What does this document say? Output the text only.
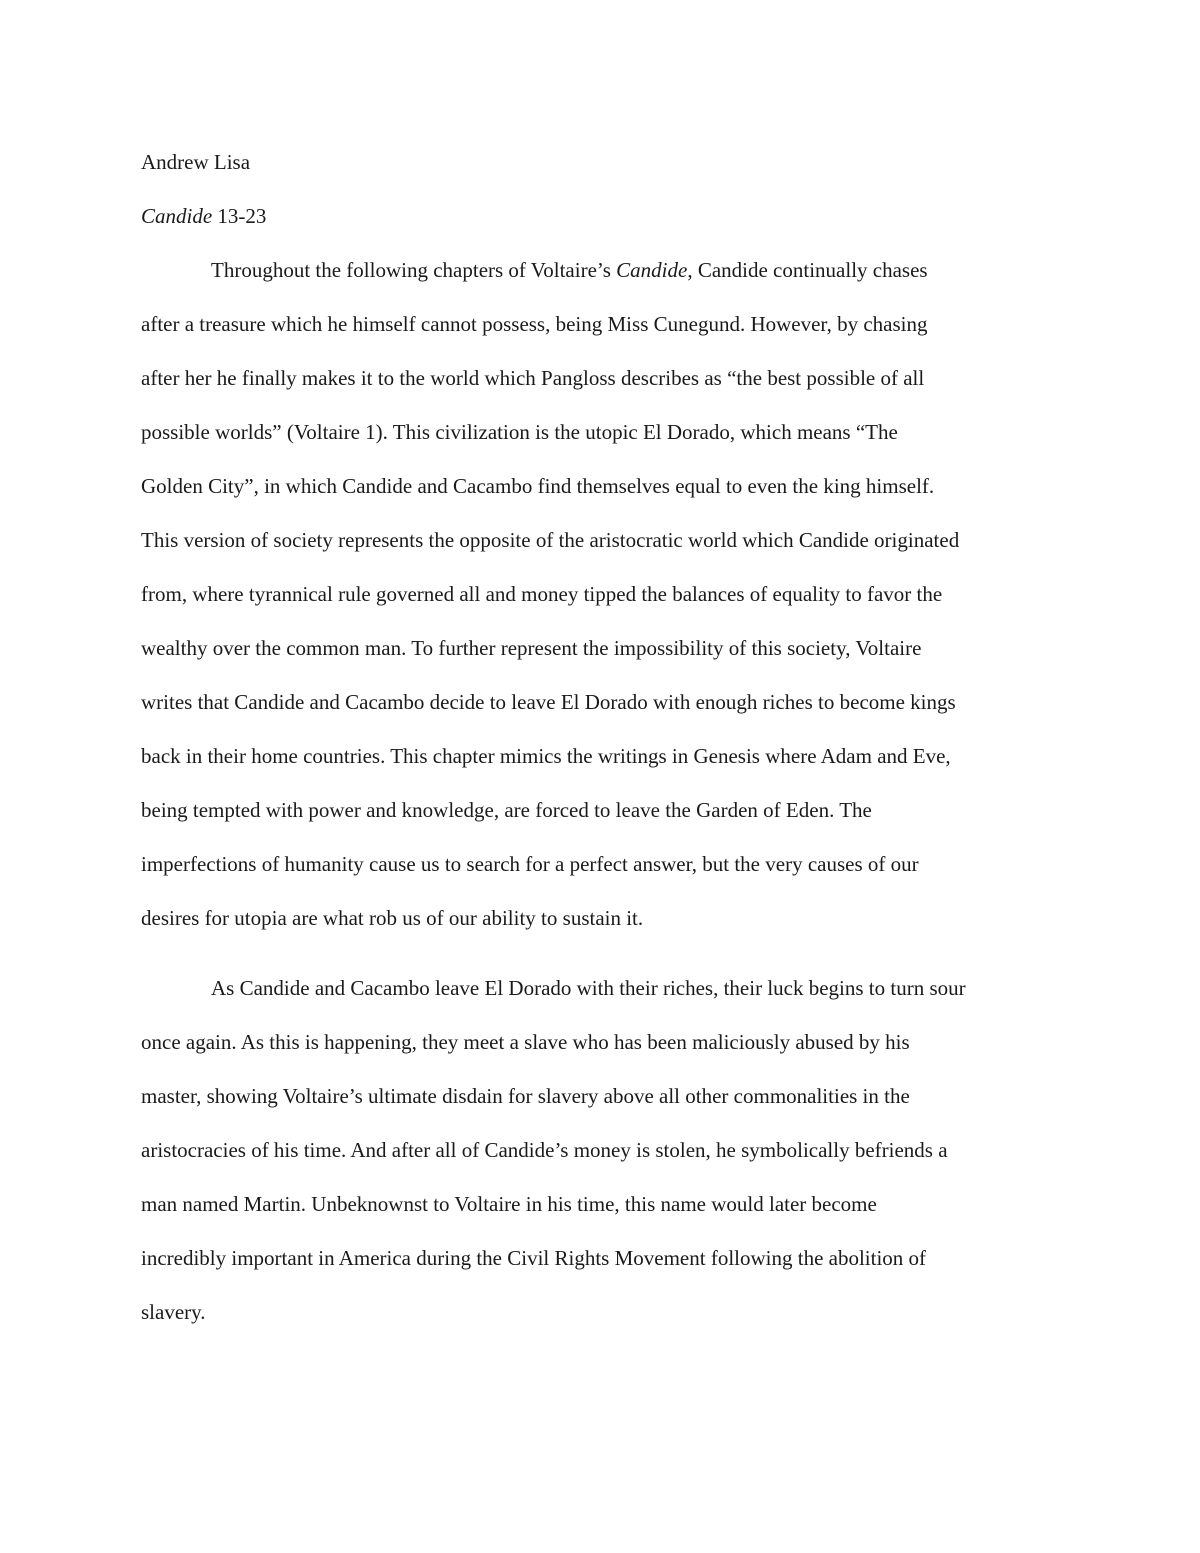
Andrew Lisa

Candide 13-23

Throughout the following chapters of Voltaire’s Candide, Candide continually chases
after a treasure which he himself cannot possess, being Miss Cunegund. However, by chasing
after her he finally makes it to the world which Pangloss describes as “the best possible of all
possible worlds” (Voltaire 1). This civilization is the utopic El Dorado, which means “The
Golden City”, in which Candide and Cacambo find themselves equal to even the king himself.
This version of society represents the opposite of the aristocratic world which Candide originated
from, where tyrannical rule governed all and money tipped the balances of equality to favor the
wealthy over the common man. To further represent the impossibility of this society, Voltaire
writes that Candide and Cacambo decide to leave El Dorado with enough riches to become kings
back in their home countries. This chapter mimics the writings in Genesis where Adam and Eve,
being tempted with power and knowledge, are forced to leave the Garden of Eden. The
imperfections of humanity cause us to search for a perfect answer, but the very causes of our
desires for utopia are what rob us of our ability to sustain it.
As Candide and Cacambo leave El Dorado with their riches, their luck begins to turn sour
once again. As this is happening, they meet a slave who has been maliciously abused by his
master, showing Voltaire’s ultimate disdain for slavery above all other commonalities in the
aristocracies of his time. And after all of Candide’s money is stolen, he symbolically befriends a
man named Martin. Unbeknownst to Voltaire in his time, this name would later become
incredibly important in America during the Civil Rights Movement following the abolition of
slavery.
